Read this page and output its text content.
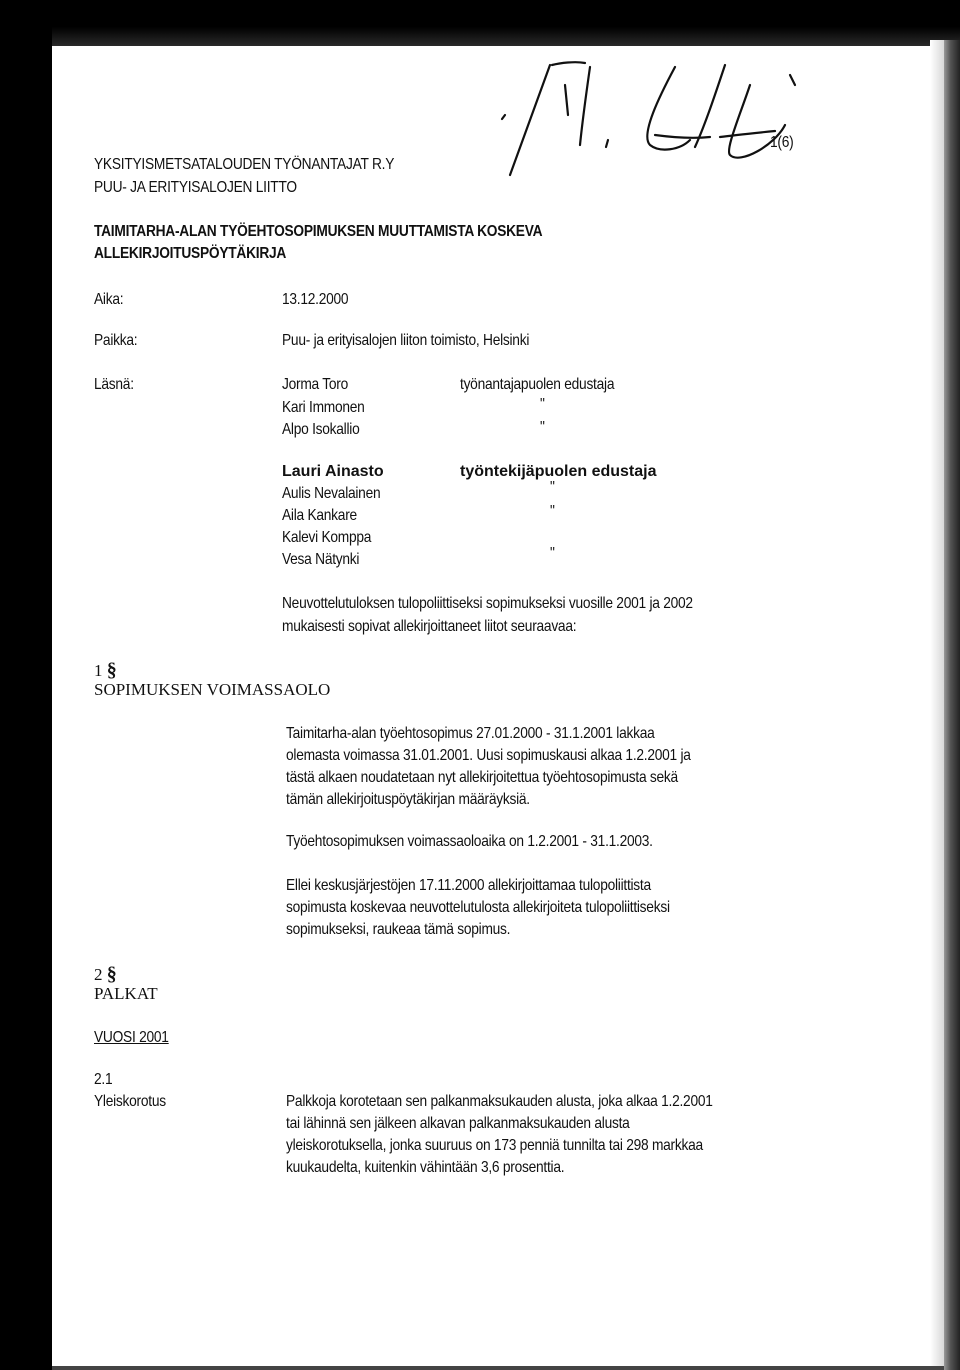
1(6)
YKSITYISMETSATALOUDEN TYÖNANTAJAT R.Y
PUU- JA ERITYISALOJEN LIITTO
TAIMITARHA-ALAN TYÖEHTOSOPIMUKSEN MUUTTAMISTA KOSKEVA
ALLEKIRJOITUSPÖYTÄKIRJA
Aika:	13.12.2000
Paikka:	Puu- ja erityisalojen liiton toimisto, Helsinki
Läsnä:	Jorma Toro	työnantajapuolen edustaja
Kari Immonen	"
Alpo Isokallio	"
Lauri Ainasto	työntekijäpuolen edustaja
Aulis Nevalainen	"
Aila Kankare	"
Kalevi Komppa
Vesa Nätynki	"
Neuvottelutuloksen tulopoliittiseksi sopimukseksi vuosille 2001 ja 2002
mukaisesti sopivat allekirjoittaneet liitot seuraavaa:
1 §
SOPIMUKSEN VOIMASSAOLO
Taimitarha-alan työehtosopimus 27.01.2000 - 31.1.2001 lakkaa
olemasta voimassa 31.01.2001. Uusi sopimuskausi alkaa 1.2.2001 ja
tästä alkaen noudatetaan nyt allekirjoitettua työehtosopimusta sekä
tämän allekirjoituspöytäkirjan määräyksiä.
Työehtosopimuksen voimassaoloaika on 1.2.2001 - 31.1.2003.
Ellei keskusjärjestöjen 17.11.2000 allekirjoittamaa tulopoliittista
sopimusta koskevaa neuvottelutulosta allekirjoiteta tulopoliittiseksi
sopimukseksi, raukeaa tämä sopimus.
2 §
PALKAT
VUOSI 2001
2.1
Yleiskorotus	Palkkoja korotetaan sen palkanmaksukauden alusta, joka alkaa 1.2.2001
tai lähinnä sen jälkeen alkavan palkanmaksukauden alusta
yleiskorotuksella, jonka suuruus on 173 penniä tunnilta tai 298 markkaa
kuukaudelta, kuitenkin vähintään 3,6 prosenttia.
